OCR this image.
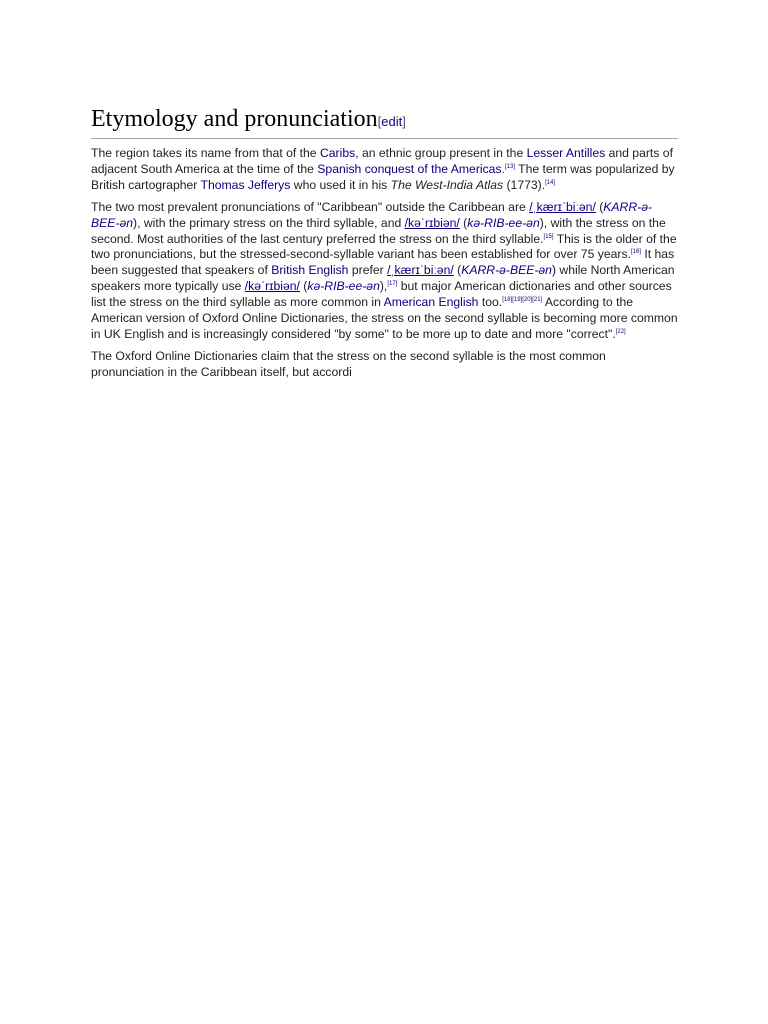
Etymology and pronunciation[edit]

The region takes its name from that of the Caribs, an ethnic group present in the Lesser Antilles and parts of adjacent South America at the time of the Spanish conquest of the Americas.[13] The term was popularized by British cartographer Thomas Jefferys who used it in his The West-India Atlas (1773).[14]

The two most prevalent pronunciations of "Caribbean" outside the Caribbean are /ˌkærɪˈbiːən/ (KARR-ə-BEE-ən), with the primary stress on the third syllable, and /kəˈrɪbiən/ (kə-RIB-ee-ən), with the stress on the second. Most authorities of the last century preferred the stress on the third syllable.[15] This is the older of the two pronunciations, but the stressed-second-syllable variant has been established for over 75 years.[16] It has been suggested that speakers of British English prefer /ˌkærɪˈbiːən/ (KARR-ə-BEE-ən) while North American speakers more typically use /kəˈrɪbiən/ (kə-RIB-ee-ən),[17] but major American dictionaries and other sources list the stress on the third syllable as more common in American English too.[18][19][20][21] According to the American version of Oxford Online Dictionaries, the stress on the second syllable is becoming more common in UK English and is increasingly considered "by some" to be more up to date and more "correct".[22]

The Oxford Online Dictionaries claim that the stress on the second syllable is the most common pronunciation in the Caribbean itself, but accordi
